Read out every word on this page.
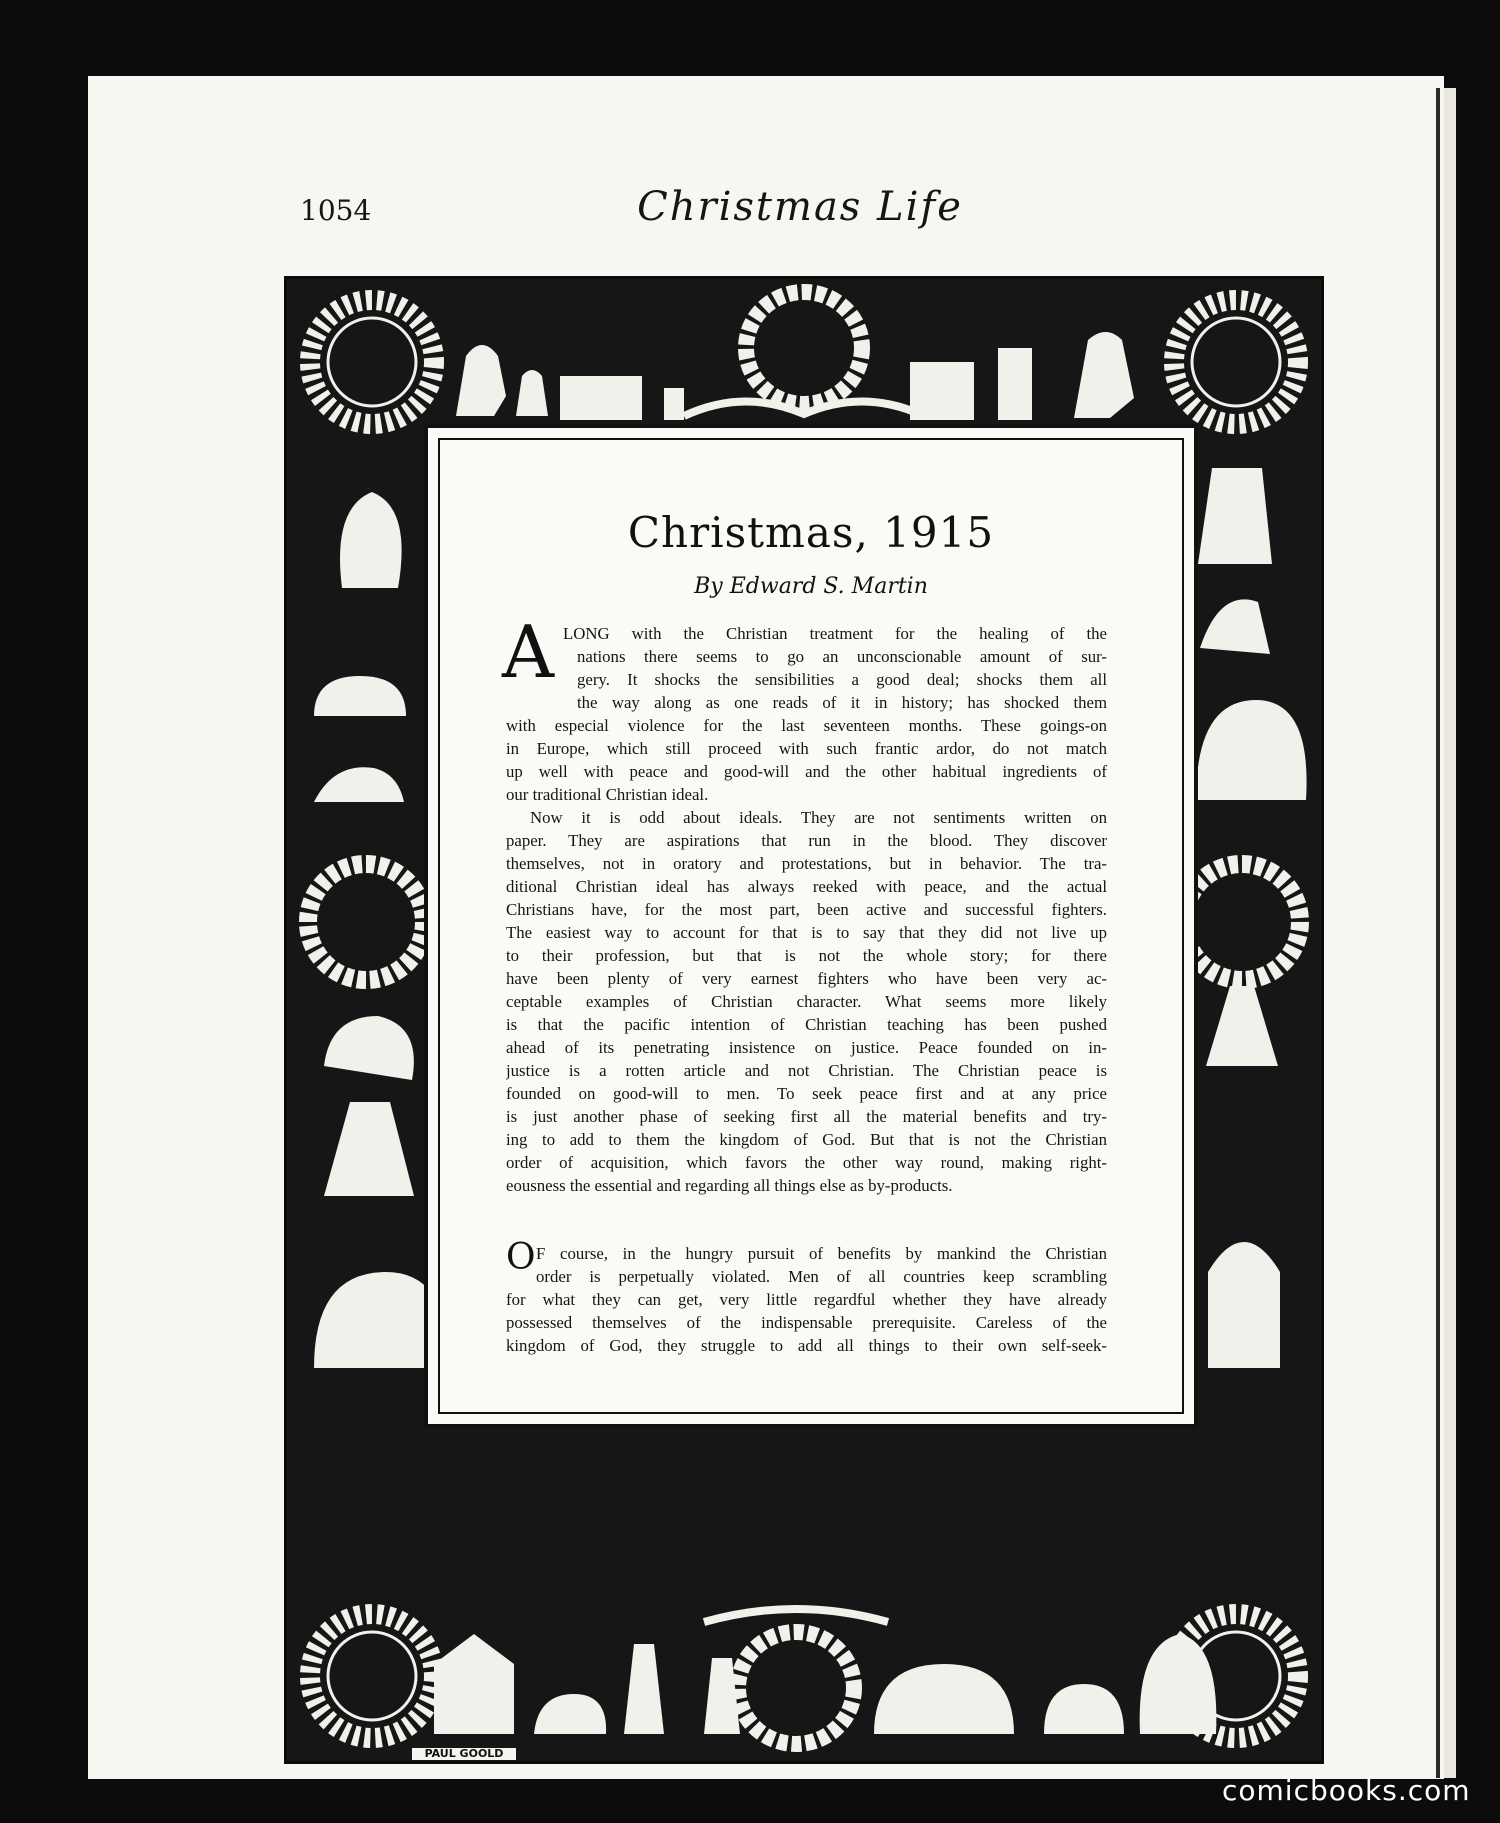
1054	Christmas Life
PAUL GOOLD
Christmas, 1915
By Edward S. Martin
A
O
LONG with the Christian treatment for the healing of the
nations there seems to go an unconscionable amount of sur-
gery. It shocks the sensibilities a good deal; shocks them all
the way along as one reads of it in history; has shocked them
with especial violence for the last seventeen months. These goings-on
in Europe, which still proceed with such frantic ardor, do not match
up well with peace and good-will and the other habitual ingredients of
our traditional Christian ideal.
Now it is odd about ideals. They are not sentiments written on
paper. They are aspirations that run in the blood. They discover
themselves, not in oratory and protestations, but in behavior. The tra-
ditional Christian ideal has always reeked with peace, and the actual
Christians have, for the most part, been active and successful fighters.
The easiest way to account for that is to say that they did not live up
to their profession, but that is not the whole story; for there
have been plenty of very earnest fighters who have been very ac-
ceptable examples of Christian character. What seems more likely
is that the pacific intention of Christian teaching has been pushed
ahead of its penetrating insistence on justice. Peace founded on in-
justice is a rotten article and not Christian. The Christian peace is
founded on good-will to men. To seek peace first and at any price
is just another phase of seeking first all the material benefits and try-
ing to add to them the kingdom of God. But that is not the Christian
order of acquisition, which favors the other way round, making right-
eousness the essential and regarding all things else as by-products.
F course, in the hungry pursuit of benefits by mankind the Christian
order is perpetually violated. Men of all countries keep scrambling
for what they can get, very little regardful whether they have already
possessed themselves of the indispensable prerequisite. Careless of the
kingdom of God, they struggle to add all things to their own self-seek-
comicbooks.com
